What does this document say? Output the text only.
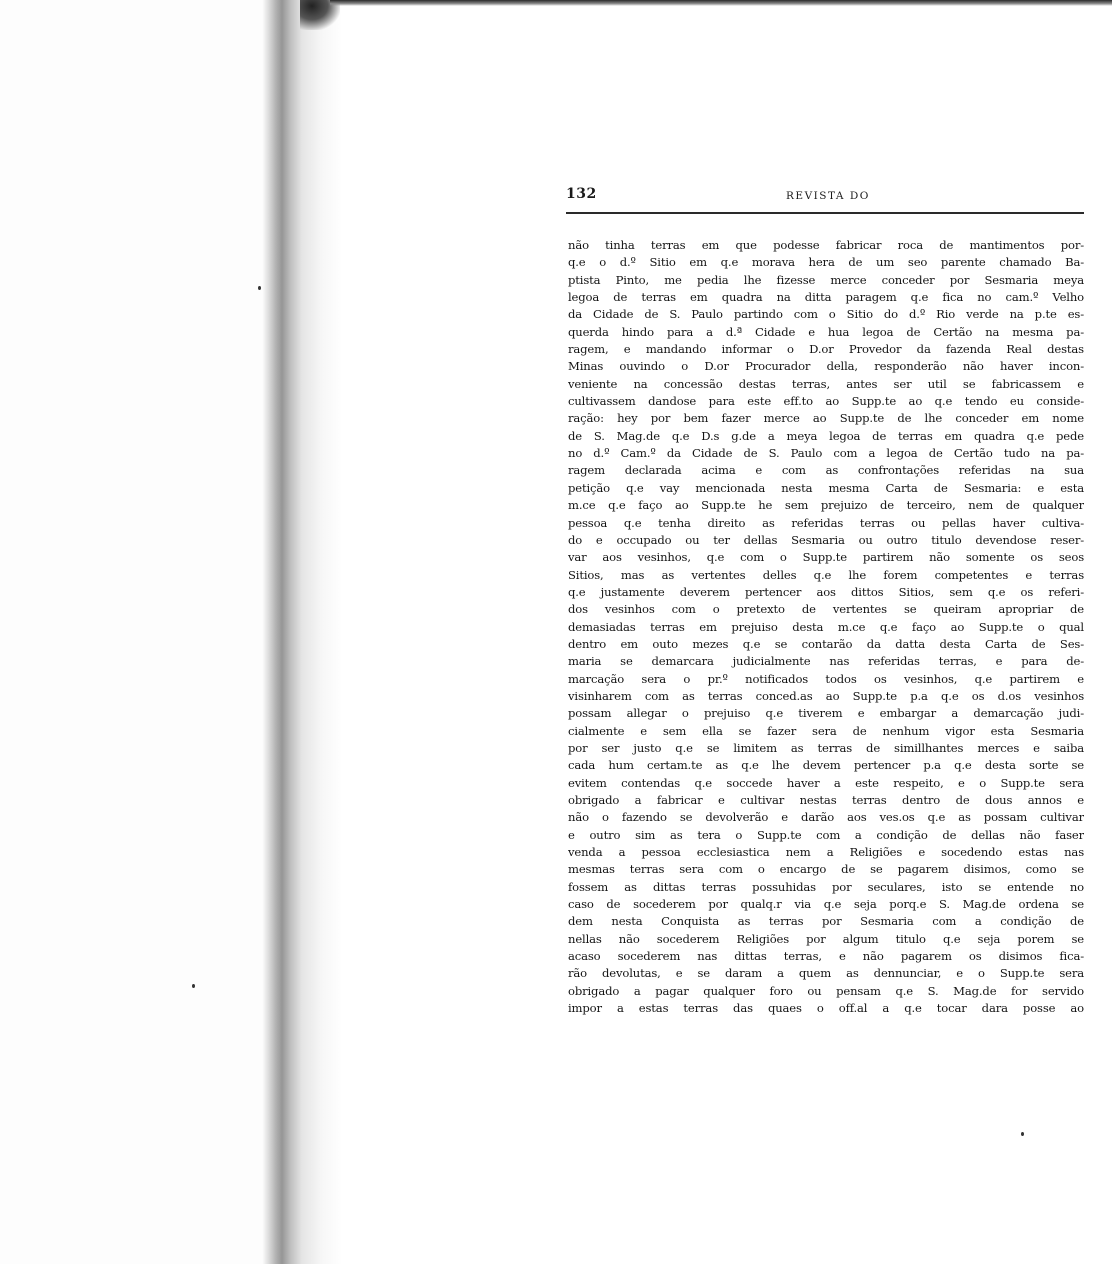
132	REVISTA DO
não tinha terras em que podesse fabricar roca de mantimentos por-
q.e o d.º Sitio em q.e morava hera de um seo parente chamado Ba-
ptista Pinto, me pedia lhe fizesse merce conceder por Sesmaria meya
legoa de terras em quadra na ditta paragem q.e fica no cam.º Velho
da Cidade de S. Paulo partindo com o Sitio do d.º Rio verde na p.te es-
querda hindo para a d.ª Cidade e hua legoa de Certão na mesma pa-
ragem, e mandando informar o D.or Provedor da fazenda Real destas
Minas ouvindo o D.or Procurador della, responderão não haver incon-
veniente na concessão destas terras, antes ser util se fabricassem e
cultivassem dandose para este eff.to ao Supp.te ao q.e tendo eu conside-
ração: hey por bem fazer merce ao Supp.te de lhe conceder em nome
de S. Mag.de q.e D.s g.de a meya legoa de terras em quadra q.e pede
no d.º Cam.º da Cidade de S. Paulo com a legoa de Certão tudo na pa-
ragem declarada acima e com as confrontações referidas na sua
petição q.e vay mencionada nesta mesma Carta de Sesmaria: e esta
m.ce q.e faço ao Supp.te he sem prejuizo de terceiro, nem de qualquer
pessoa q.e tenha direito as referidas terras ou pellas haver cultiva-
do e occupado ou ter dellas Sesmaria ou outro titulo devendose reser-
var aos vesinhos, q.e com o Supp.te partirem não somente os seos
Sitios, mas as vertentes delles q.e lhe forem competentes e terras
q.e justamente deverem pertencer aos dittos Sitios, sem q.e os referi-
dos vesinhos com o pretexto de vertentes se queiram apropriar de
demasiadas terras em prejuiso desta m.ce q.e faço ao Supp.te o qual
dentro em outo mezes q.e se contarão da datta desta Carta de Ses-
maria se demarcara judicialmente nas referidas terras, e para de-
marcação sera o pr.º notificados todos os vesinhos, q.e partirem e
visinharem com as terras conced.as ao Supp.te p.a q.e os d.os vesinhos
possam allegar o prejuiso q.e tiverem e embargar a demarcação judi-
cialmente e sem ella se fazer sera de nenhum vigor esta Sesmaria
por ser justo q.e se limitem as terras de simillhantes merces e saiba
cada hum certam.te as q.e lhe devem pertencer p.a q.e desta sorte se
evitem contendas q.e soccede haver a este respeito, e o Supp.te sera
obrigado a fabricar e cultivar nestas terras dentro de dous annos e
não o fazendo se devolverão e darão aos ves.os q.e as possam cultivar
e outro sim as tera o Supp.te com a condição de dellas não faser
venda a pessoa ecclesiastica nem a Religiões e socedendo estas nas
mesmas terras sera com o encargo de se pagarem disimos, como se
fossem as dittas terras possuhidas por seculares, isto se entende no
caso de socederem por qualq.r via q.e seja porq.e S. Mag.de ordena se
dem nesta Conquista as terras por Sesmaria com a condição de
nellas não socederem Religiões por algum titulo q.e seja porem se
acaso socederem nas dittas terras, e não pagarem os disimos fica-
rão devolutas, e se daram a quem as dennunciar, e o Supp.te sera
obrigado a pagar qualquer foro ou pensam q.e S. Mag.de for servido
impor a estas terras das quaes o off.al a q.e tocar dara posse ao
